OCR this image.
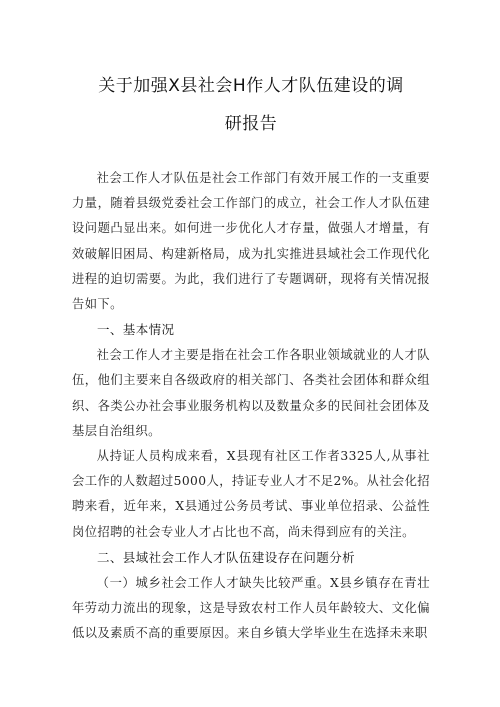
关于加强X县社会H作人才队伍建设的调
研报告

社会工作人才队伍是社会工作部门有效开展工作的一支重要力量，随着县级党委社会工作部门的成立，社会工作人才队伍建设问题凸显出来。如何进一步优化人才存量，做强人才增量，有效破解旧困局、构建新格局，成为扎实推进县域社会工作现代化进程的迫切需要。为此，我们进行了专题调研，现将有关情况报告如下。

一、基本情况

社会工作人才主要是指在社会工作各职业领域就业的人才队伍，他们主要来自各级政府的相关部门、各类社会团体和群众组织、各类公办社会事业服务机构以及数量众多的民间社会团体及基层自治组织。

从持证人员构成来看，X县现有社区工作者3325人,从事社会工作的人数超过5000人，持证专业人才不足2%。从社会化招聘来看，近年来，X县通过公务员考试、事业单位招录、公益性岗位招聘的社会专业人才占比也不高，尚未得到应有的关注。

二、县域社会工作人才队伍建设存在问题分析

（一）城乡社会工作人才缺失比较严重。X县乡镇存在青壮年劳动力流出的现象，这是导致农村工作人员年龄较大、文化偏低以及素质不高的重要原因。来自乡镇大学毕业生在选择未来职
